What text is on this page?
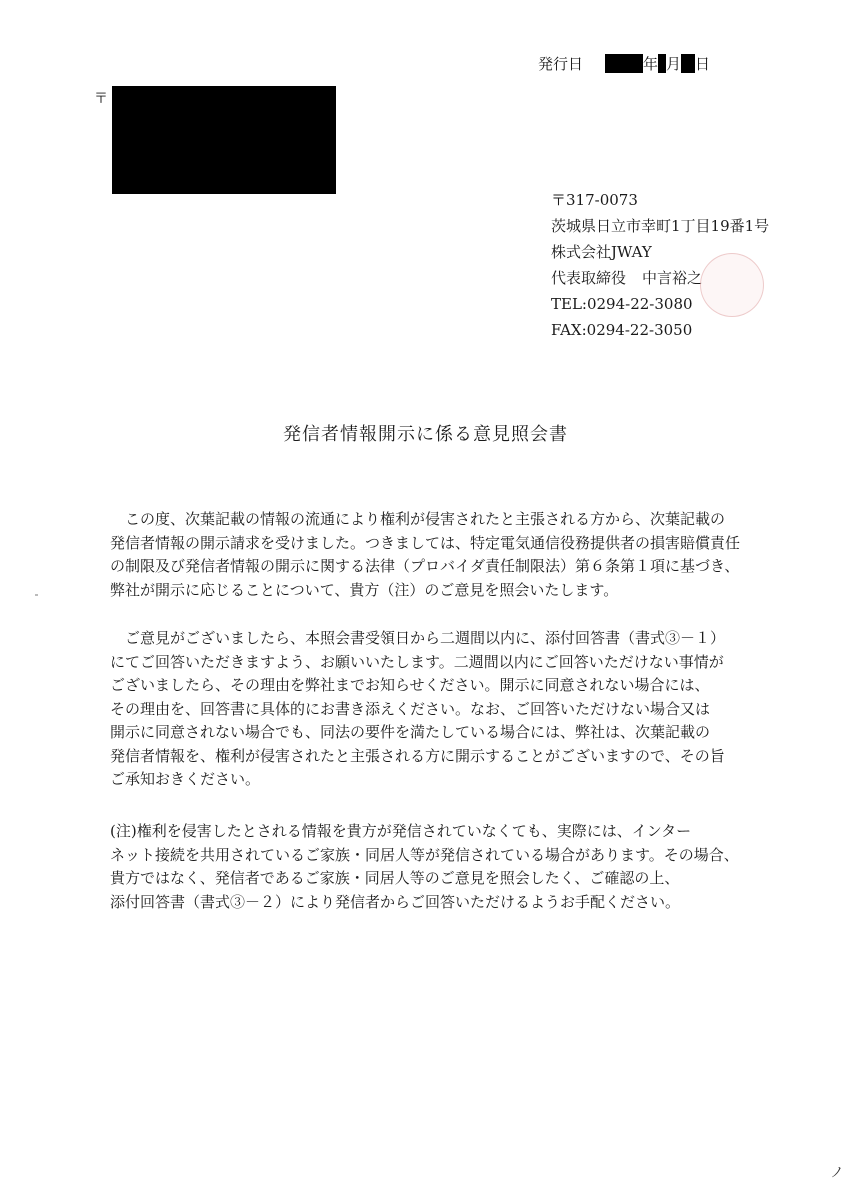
発行日	年 月 日
〒
〒317-0073
茨城県日立市幸町1丁目19番1号
株式会社JWAY
代表取締役 中言裕之
TEL:0294-22-3080
FAX:0294-22-3050
発信者情報開示に係る意見照会書
　この度、次葉記載の情報の流通により権利が侵害されたと主張される方から、次葉記載の
発信者情報の開示請求を受けました。つきましては、特定電気通信役務提供者の損害賠償責任
の制限及び発信者情報の開示に関する法律（プロバイダ責任制限法）第６条第１項に基づき、
弊社が開示に応じることについて、貴方（注）のご意見を照会いたします。
　ご意見がございましたら、本照会書受領日から二週間以内に、添付回答書（書式③－１）
にてご回答いただきますよう、お願いいたします。二週間以内にご回答いただけない事情が
ございましたら、その理由を弊社までお知らせください。開示に同意されない場合には、
その理由を、回答書に具体的にお書き添えください。なお、ご回答いただけない場合又は
開示に同意されない場合でも、同法の要件を満たしている場合には、弊社は、次葉記載の
発信者情報を、権利が侵害されたと主張される方に開示することがございますので、その旨
ご承知おきください。
(注)権利を侵害したとされる情報を貴方が発信されていなくても、実際には、インター
ネット接続を共用されているご家族・同居人等が発信されている場合があります。その場合、
貴方ではなく、発信者であるご家族・同居人等のご意見を照会したく、ご確認の上、
添付回答書（書式③－２）により発信者からご回答いただけるようお手配ください。
ノ
